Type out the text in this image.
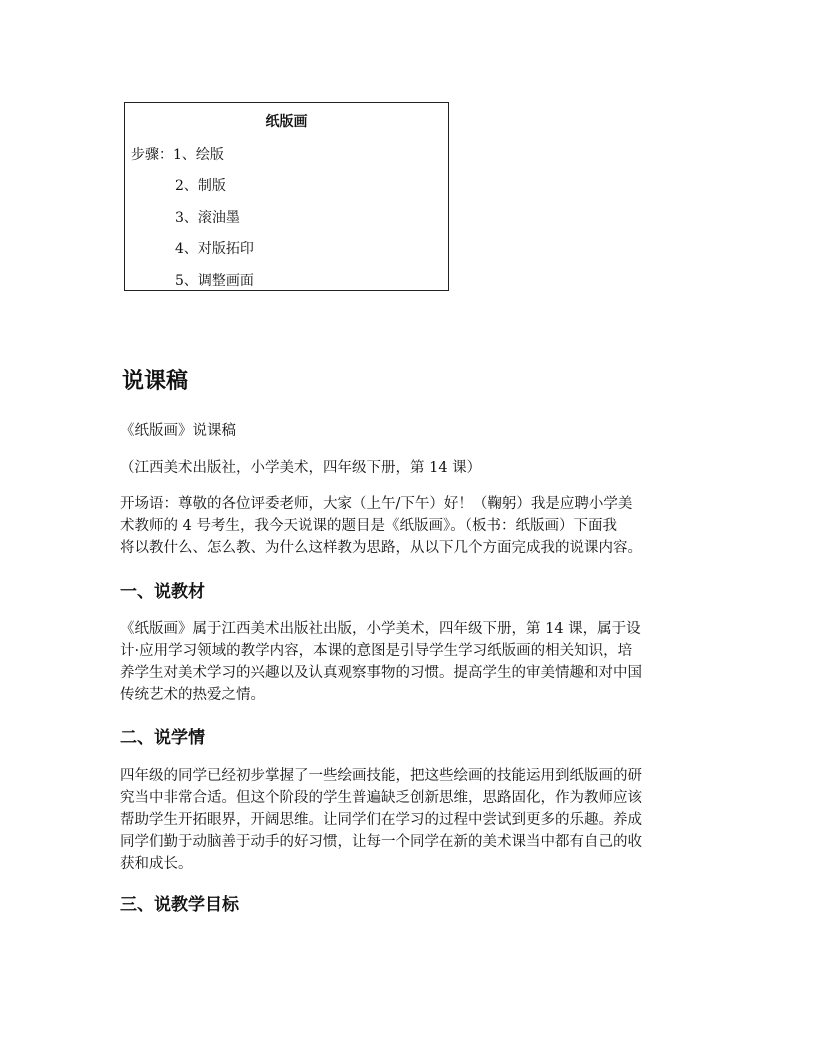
纸版画
步骤：1、绘版
2、制版
3、滚油墨
4、对版拓印
5、调整画面
说课稿
《纸版画》说课稿
（江西美术出版社，小学美术，四年级下册，第 14 课）
开场语：尊敬的各位评委老师，大家（上午/下午）好！（鞠躬）我是应聘小学美
术教师的 4 号考生，我今天说课的题目是《纸版画》。（板书：纸版画）下面我
将以教什么、怎么教、为什么这样教为思路，从以下几个方面完成我的说课内容。
一、说教材
《纸版画》属于江西美术出版社出版，小学美术，四年级下册，第 14 课，属于设
计·应用学习领域的教学内容，本课的意图是引导学生学习纸版画的相关知识，培
养学生对美术学习的兴趣以及认真观察事物的习惯。提高学生的审美情趣和对中国
传统艺术的热爱之情。
二、说学情
四年级的同学已经初步掌握了一些绘画技能，把这些绘画的技能运用到纸版画的研
究当中非常合适。但这个阶段的学生普遍缺乏创新思维，思路固化，作为教师应该
帮助学生开拓眼界，开阔思维。让同学们在学习的过程中尝试到更多的乐趣。养成
同学们勤于动脑善于动手的好习惯，让每一个同学在新的美术课当中都有自己的收
获和成长。
三、说教学目标
